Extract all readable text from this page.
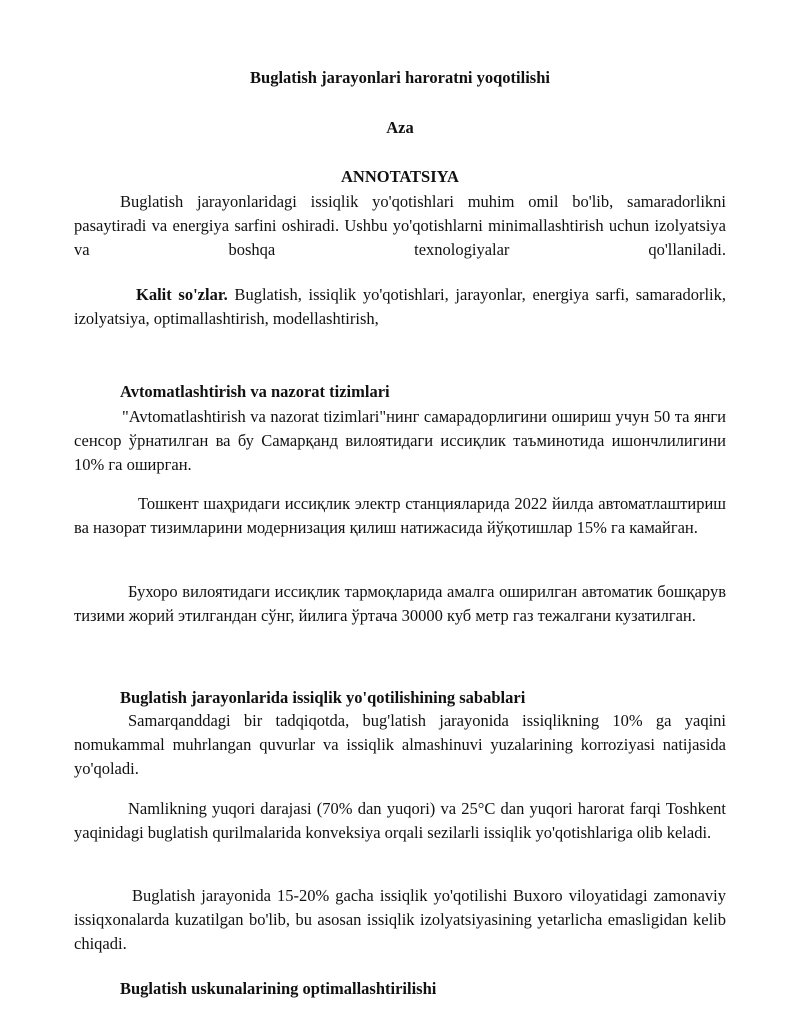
Buglatish jarayonlari haroratni yoqotilishi
Aza
ANNOTATSIYA
Buglatish jarayonlaridagi issiqlik yo'qotishlari muhim omil bo'lib, samaradorlikni pasaytiradi va energiya sarfini oshiradi. Ushbu yo'qotishlarni minimallashtirish uchun izolyatsiya va boshqa texnologiyalar qo'llaniladi.
Kalit so'zlar. Buglatish, issiqlik yo'qotishlari, jarayonlar, energiya sarfi, samaradorlik, izolyatsiya, optimallashtirish, modellashtirish,
Avtomatlashtirish va nazorat tizimlari
"Avtomatlashtirish va nazorat tizimlari"нинг самарадорлигини ошириш учун 50 та янги сенсор ўрнатилган ва бу Самарқанд вилоятидаги иссиқлик таъминотида ишончлилигини 10% га оширган.
Тошкент шаҳридаги иссиқлик электр станцияларида 2022 йилда автоматлаштириш ва назорат тизимларини модернизация қилиш натижасида йўқотишлар 15% га камайган.
Бухоро вилоятидаги иссиқлик тармоқларида амалга оширилган автоматик бошқарув тизими жорий этилгандан сўнг, йилига ўртача 30000 куб метр газ тежалгани кузатилган.
Buglatish jarayonlarida issiqlik yo'qotilishining sabablari
Samarqanddagi bir tadqiqotda, bug'latish jarayonida issiqlikning 10% ga yaqini nomukammal muhrlangan quvurlar va issiqlik almashinuvi yuzalarining korroziyasi natijasida yo'qoladi.
Namlikning yuqori darajasi (70% dan yuqori) va 25°C dan yuqori harorat farqi Toshkent yaqinidagi buglatish qurilmalarida konveksiya orqali sezilarli issiqlik yo'qotishlariga olib keladi.
Buglatish jarayonida 15-20% gacha issiqlik yo'qotilishi Buxoro viloyatidagi zamonaviy issiqxonalarda kuzatilgan bo'lib, bu asosan issiqlik izolyatsiyasining yetarlicha emasligidan kelib chiqadi.
Buglatish uskunalarining optimallashtirilishi
